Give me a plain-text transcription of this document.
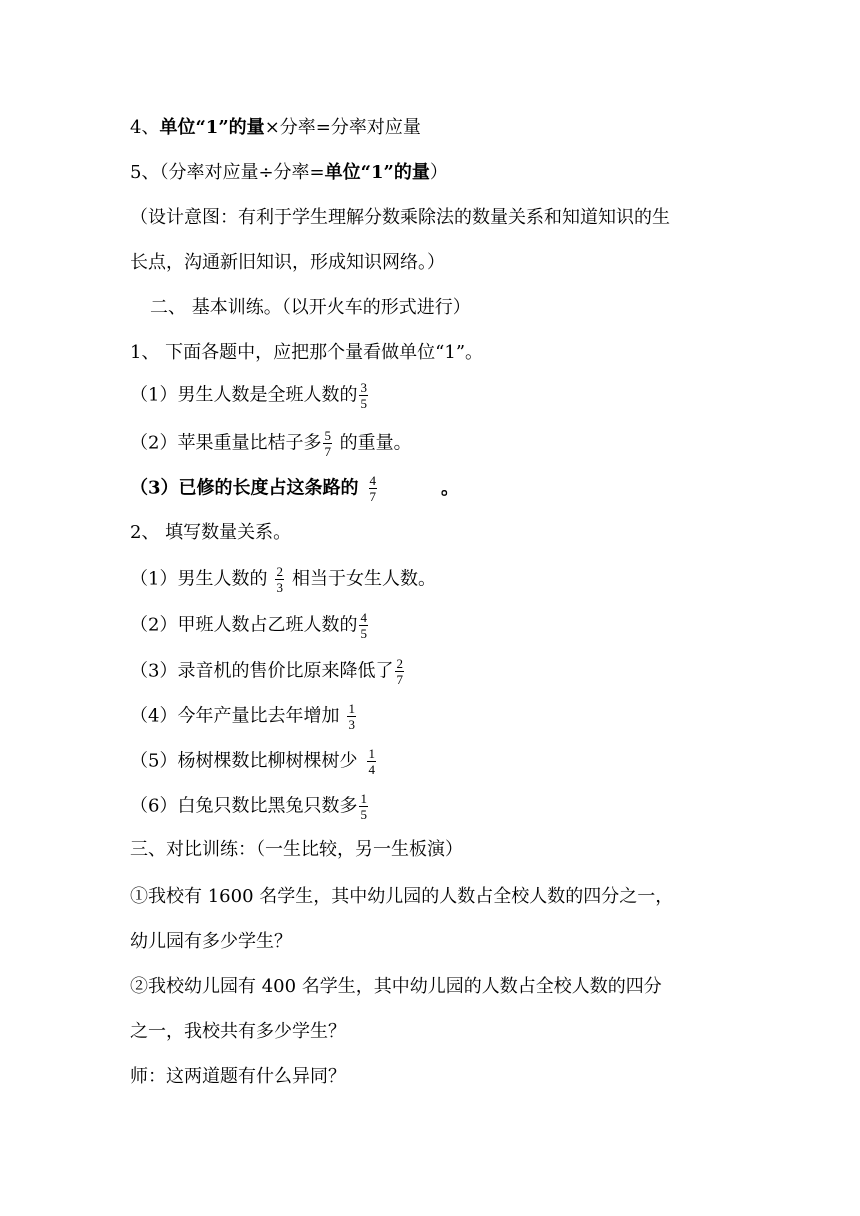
4、单位“1”的量×分率=分率对应量
5、（分率对应量÷分率=单位“1”的量）
（设计意图：有利于学生理解分数乘除法的数量关系和知道知识的生
长点，沟通新旧知识，形成知识网络。）
二、 基本训练。（以开火车的形式进行）
1、 下面各题中，应把那个量看做单位“1”。
（1）男生人数是全班人数的 $\frac{3}{5}$
（2）苹果重量比桔子多 $\frac{5}{7}$ 的重量。
（3）已修的长度占这条路的 $\frac{4}{7}$	。
2、 填写数量关系。
（1）男生人数的 $\frac{2}{3}$ 相当于女生人数。
（2）甲班人数占乙班人数的 $\frac{4}{5}$
（3）录音机的售价比原来降低了 $\frac{2}{7}$
（4）今年产量比去年增加 $\frac{1}{3}$
（5）杨树棵数比柳树棵树少 $\frac{1}{4}$
（6）白兔只数比黑兔只数多 $\frac{1}{5}$
三、对比训练：（一生比较，另一生板演）
①我校有 1600 名学生，其中幼儿园的人数占全校人数的四分之一，
幼儿园有多少学生？
②我校幼儿园有 400 名学生，其中幼儿园的人数占全校人数的四分
之一，我校共有多少学生？
师：这两道题有什么异同？
